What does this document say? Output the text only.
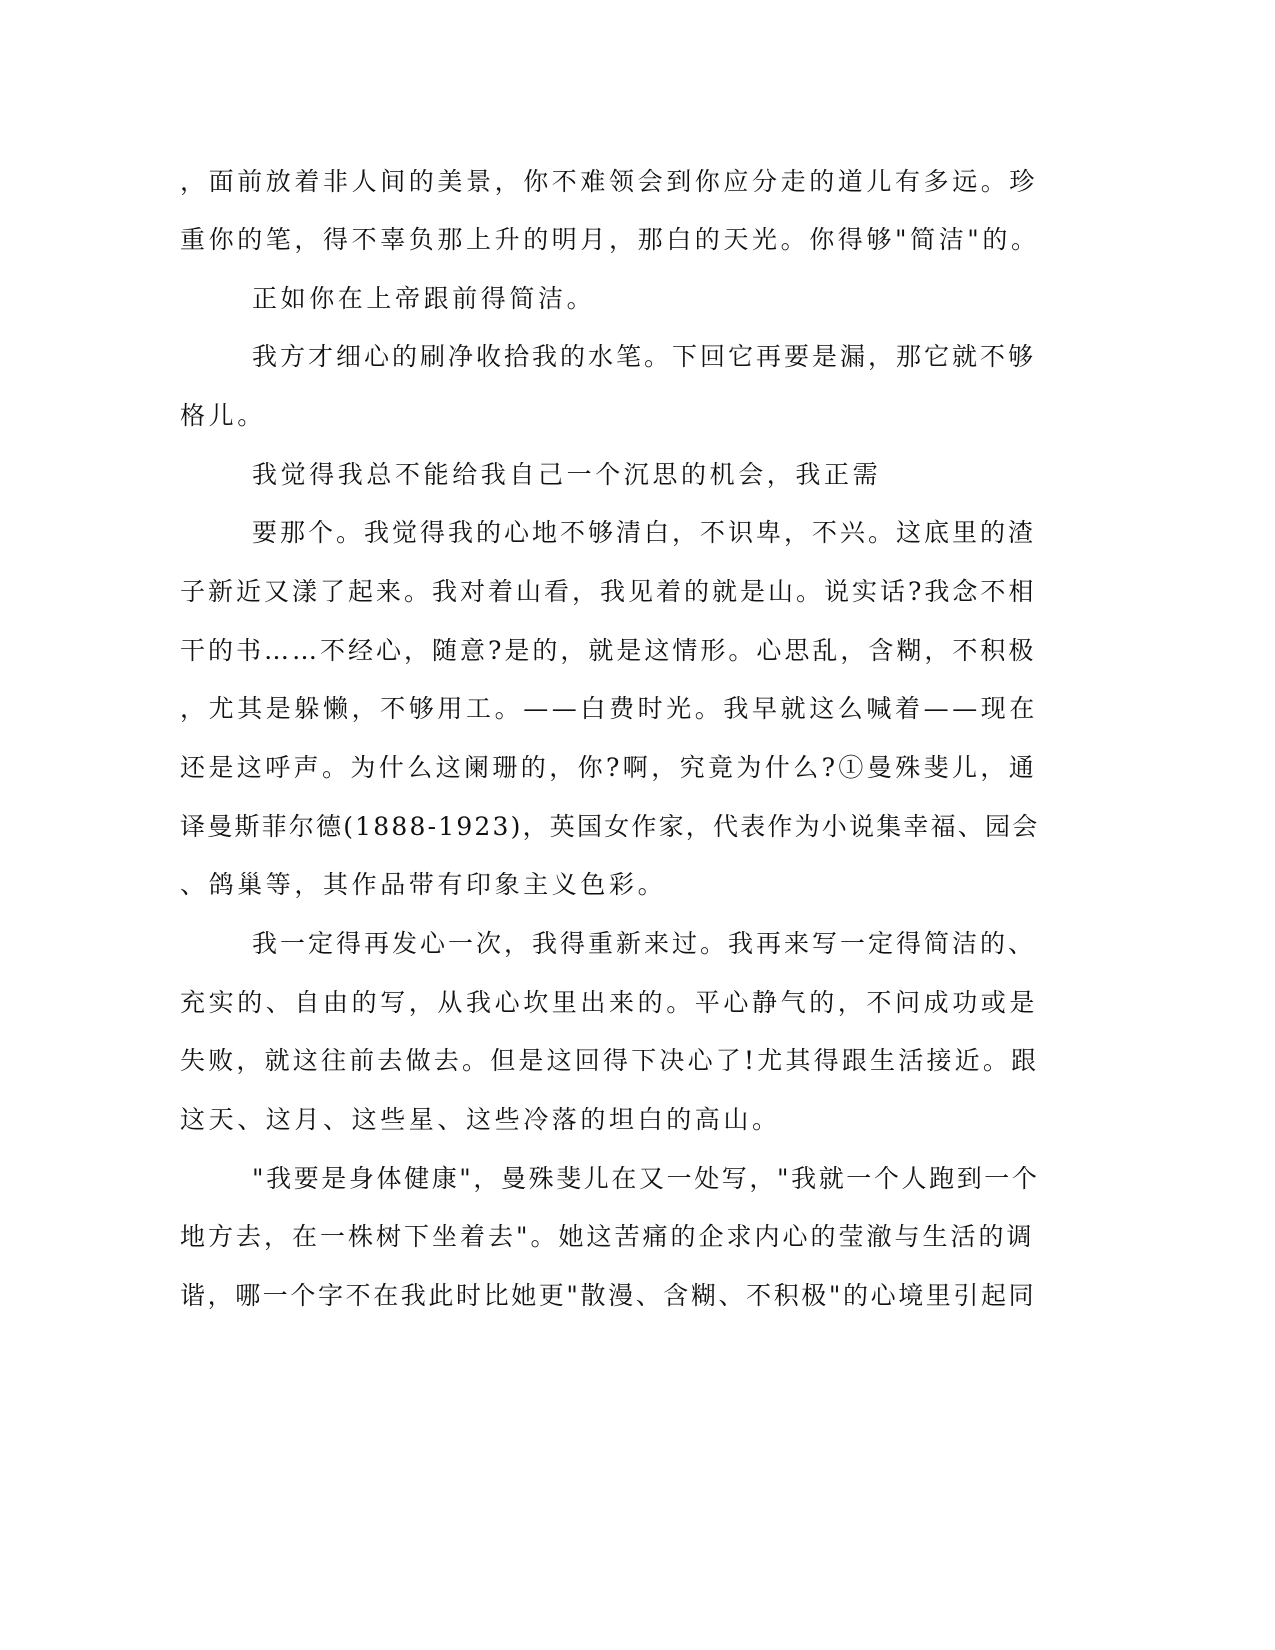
，面前放着非人间的美景，你不难领会到你应分走的道儿有多远。珍
重你的笔，得不辜负那上升的明月，那白的天光。你得够"简洁"的。
正如你在上帝跟前得简洁。
我方才细心的刷净收拾我的水笔。下回它再要是漏，那它就不够
格儿。
我觉得我总不能给我自己一个沉思的机会，我正需
要那个。我觉得我的心地不够清白，不识卑，不兴。这底里的渣
子新近又漾了起来。我对着山看，我见着的就是山。说实话?我念不相
干的书……不经心，随意?是的，就是这情形。心思乱，含糊，不积极
，尤其是躲懒，不够用工。——白费时光。我早就这么喊着——现在
还是这呼声。为什么这阑珊的，你?啊，究竟为什么?①曼殊斐儿，通
译曼斯菲尔德(1888-1923)，英国女作家，代表作为小说集幸福、园会
、鸽巢等，其作品带有印象主义色彩。
我一定得再发心一次，我得重新来过。我再来写一定得简洁的、
充实的、自由的写，从我心坎里出来的。平心静气的，不问成功或是
失败，就这往前去做去。但是这回得下决心了!尤其得跟生活接近。跟
这天、这月、这些星、这些冷落的坦白的高山。
"我要是身体健康"，曼殊斐儿在又一处写，"我就一个人跑到一个
地方去，在一株树下坐着去"。她这苦痛的企求内心的莹澈与生活的调
谐，哪一个字不在我此时比她更"散漫、含糊、不积极"的心境里引起同
